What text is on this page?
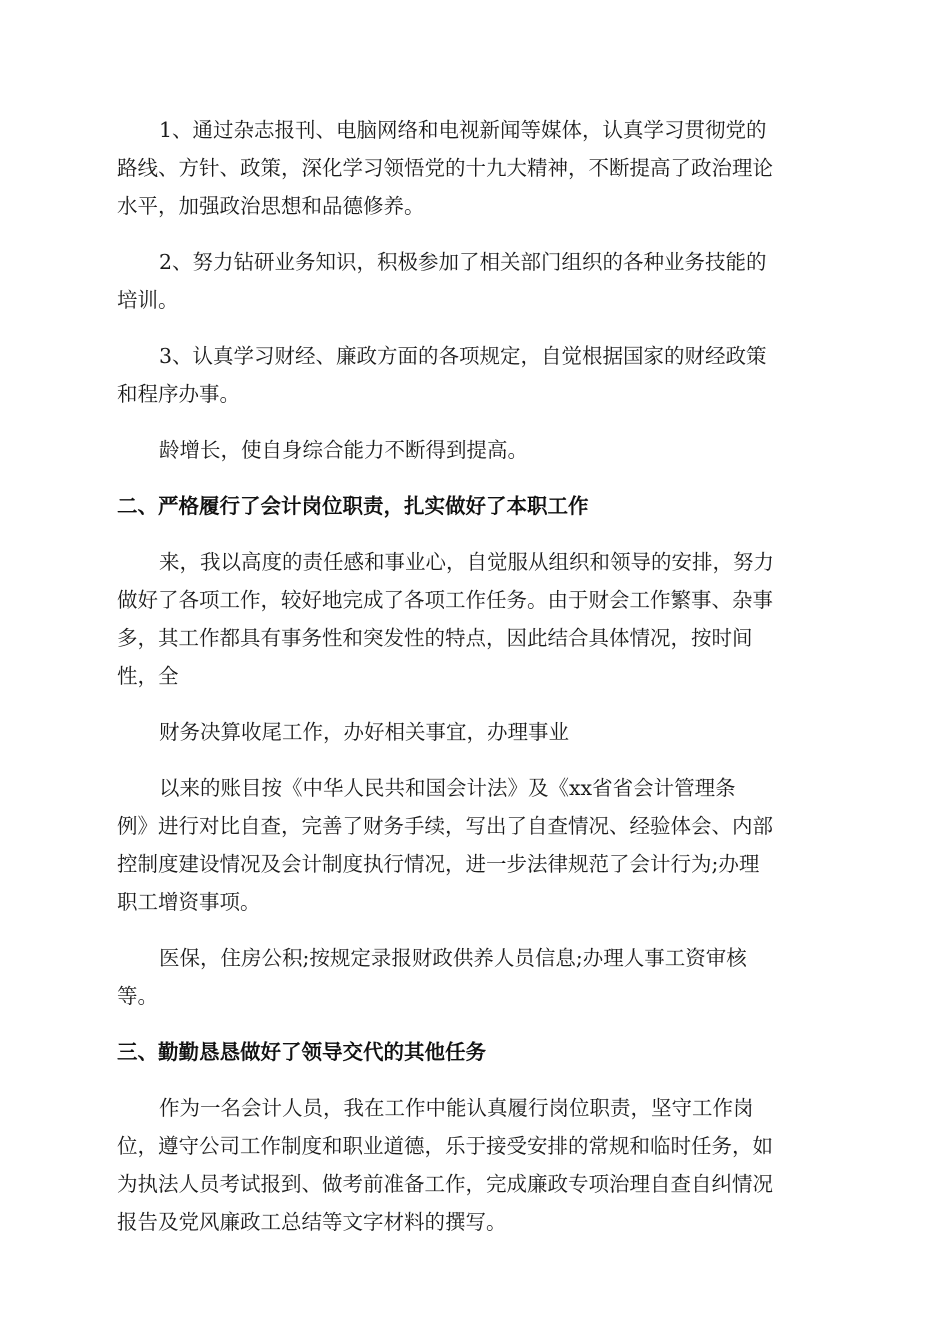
1、通过杂志报刊、电脑网络和电视新闻等媒体，认真学习贯彻党的
路线、方针、政策，深化学习领悟党的十九大精神，不断提高了政治理论
水平，加强政治思想和品德修养。

2、努力钻研业务知识，积极参加了相关部门组织的各种业务技能的
培训。

3、认真学习财经、廉政方面的各项规定，自觉根据国家的财经政策
和程序办事。

龄增长，使自身综合能力不断得到提高。

二、严格履行了会计岗位职责，扎实做好了本职工作

来，我以高度的责任感和事业心，自觉服从组织和领导的安排，努力
做好了各项工作，较好地完成了各项工作任务。由于财会工作繁事、杂事
多，其工作都具有事务性和突发性的特点，因此结合具体情况，按时间
性，全

财务决算收尾工作，办好相关事宜，办理事业

以来的账目按《中华人民共和国会计法》及《xx省省会计管理条
例》进行对比自查，完善了财务手续，写出了自查情况、经验体会、内部
控制度建设情况及会计制度执行情况，进一步法律规范了会计行为;办理
职工增资事项。

医保，住房公积;按规定录报财政供养人员信息;办理人事工资审核
等。

三、勤勤恳恳做好了领导交代的其他任务

作为一名会计人员，我在工作中能认真履行岗位职责，坚守工作岗
位，遵守公司工作制度和职业道德，乐于接受安排的常规和临时任务，如
为执法人员考试报到、做考前准备工作，完成廉政专项治理自查自纠情况
报告及党风廉政工总结等文字材料的撰写。
